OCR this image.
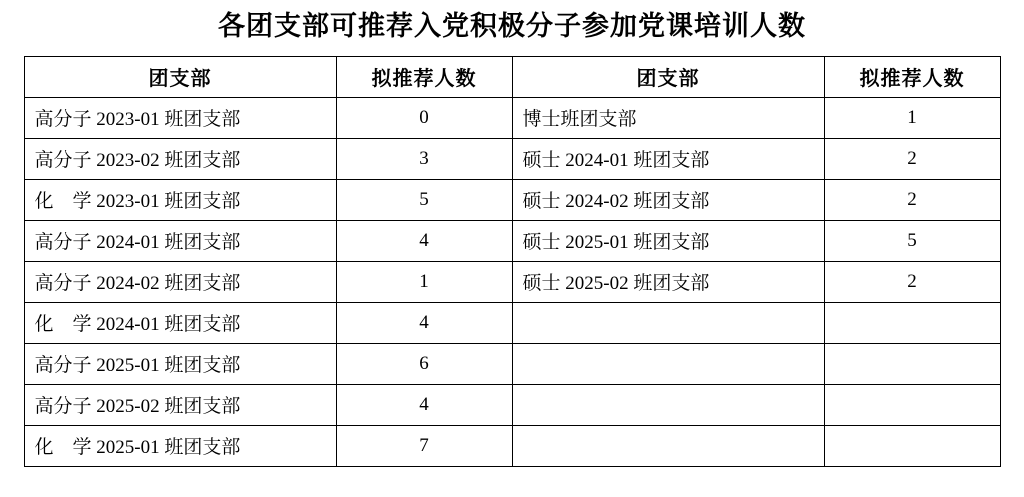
各团支部可推荐入党积极分子参加党课培训人数
团支部	拟推荐人数	团支部	拟推荐人数
高分子 2023-01 班团支部	0	博士班团支部	1
高分子 2023-02 班团支部	3	硕士 2024-01 班团支部	2
化　学 2023-01 班团支部	5	硕士 2024-02 班团支部	2
高分子 2024-01 班团支部	4	硕士 2025-01 班团支部	5
高分子 2024-02 班团支部	1	硕士 2025-02 班团支部	2
化　学 2024-01 班团支部	4		
高分子 2025-01 班团支部	6		
高分子 2025-02 班团支部	4		
化　学 2025-01 班团支部	7		
